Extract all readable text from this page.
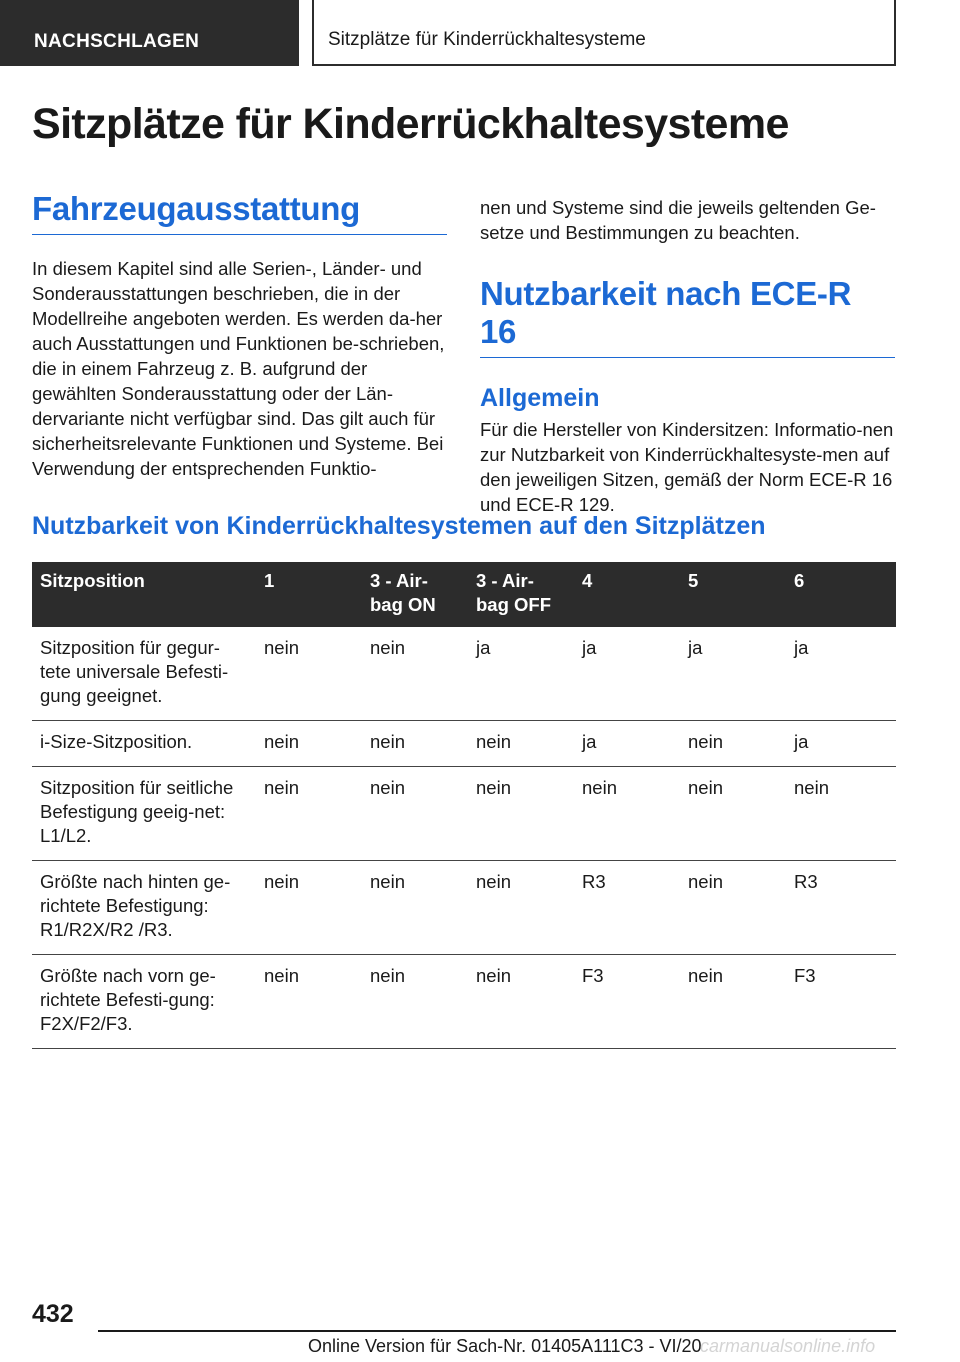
NACHSCHLAGEN	Sitzplätze für Kinderrückhaltesysteme
Sitzplätze für Kinderrückhaltesysteme
Fahrzeugausstattung

In diesem Kapitel sind alle Serien-, Länder- und Sonderausstattungen beschrieben, die in der Modellreihe angeboten werden. Es werden da-her auch Ausstattungen und Funktionen be-schrieben, die in einem Fahrzeug z. B. aufgrund der gewählten Sonderausstattung oder der Län-dervariante nicht verfügbar sind. Das gilt auch für sicherheitsrelevante Funktionen und Systeme. Bei Verwendung der entsprechenden Funktio-

nen und Systeme sind die jeweils geltenden Ge-setze und Bestimmungen zu beachten.

Nutzbarkeit nach ECE-R 16
Allgemein

Für die Hersteller von Kindersitzen: Informatio-nen zur Nutzbarkeit von Kinderrückhaltesyste-men auf den jeweiligen Sitzen, gemäß der Norm ECE-R 16 und ECE-R 129.

Nutzbarkeit von Kinderrückhaltesystemen auf den Sitzplätzen
Sitzposition	1	3 - Air-bag ON	3 - Air-bag OFF	4	5	6
Sitzposition für gegur-tete universale Befesti-gung geeignet.	nein	nein	ja	ja	ja	ja
i-Size-Sitzposition.	nein	nein	nein	ja	nein	ja
Sitzposition für seitliche Befestigung geeig-net: L1/L2.	nein	nein	nein	nein	nein	nein
Größte nach hinten ge-richtete Befestigung: R1/R2X/R2 /R3.	nein	nein	nein	R3	nein	R3
Größte nach vorn ge-richtete Befesti-gung: F2X/F2/F3.	nein	nein	nein	F3	nein	F3
432
Online Version für Sach-Nr. 01405A111C3 - VI/20
carmanualsonline.info
